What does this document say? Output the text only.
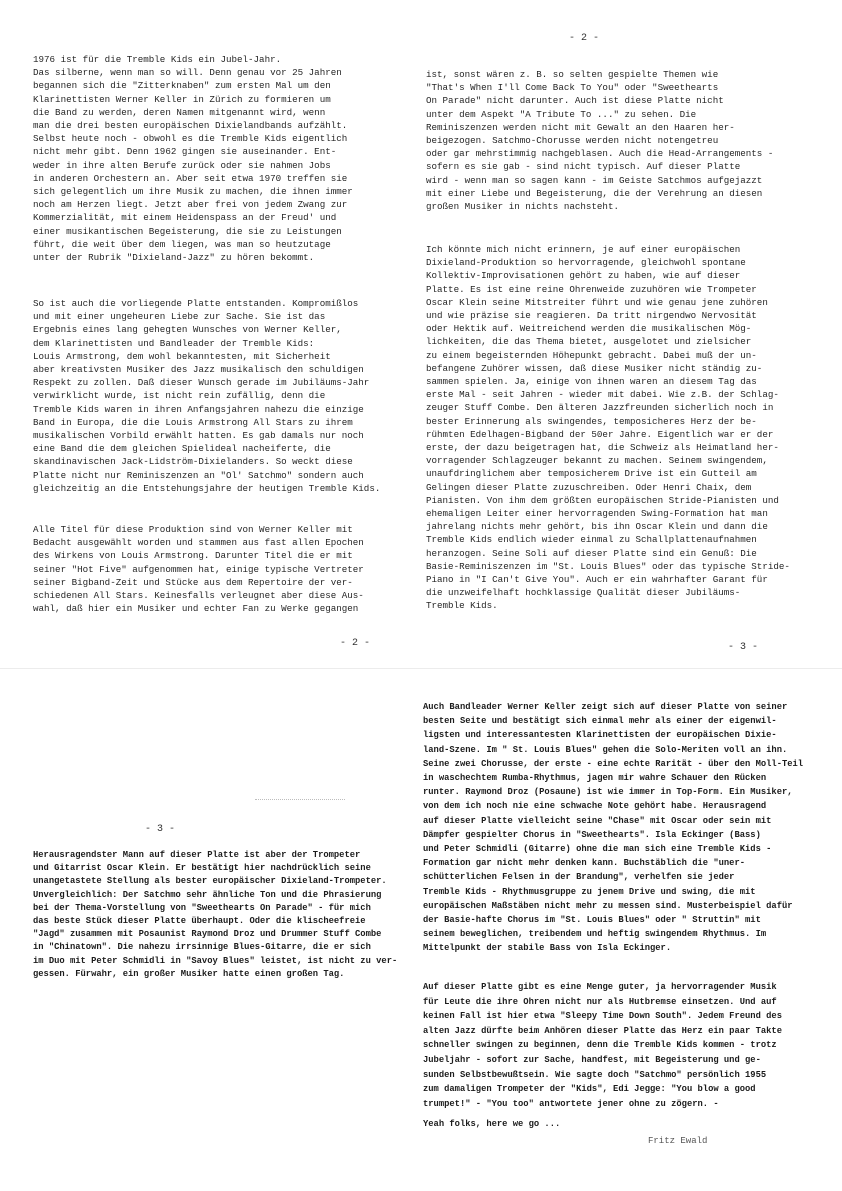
- 2 -

1976 ist für die Tremble Kids ein Jubel-Jahr.
Das silberne, wenn man so will. Denn genau vor 25 Jahren
begannen sich die "Zitterknaben" zum ersten Mal um den
Klarinettisten Werner Keller in Zürich zu formieren um
die Band zu werden, deren Namen mitgenannt wird, wenn
man die drei besten europäischen Dixielandbands aufzählt.
Selbst heute noch - obwohl es die Tremble Kids eigentlich
nicht mehr gibt. Denn 1962 gingen sie auseinander. Ent-
weder in ihre alten Berufe zurück oder sie nahmen Jobs
in anderen Orchestern an. Aber seit etwa 1970 treffen sie
sich gelegentlich um ihre Musik zu machen, die ihnen immer
noch am Herzen liegt. Jetzt aber frei von jedem Zwang zur
Kommerzialität, mit einem Heidenspass an der Freud' und
einer musikantischen Begeisterung, die sie zu Leistungen
führt, die weit über dem liegen, was man so heutzutage
unter der Rubrik "Dixieland-Jazz" zu hören bekommt.

So ist auch die vorliegende Platte entstanden. Kompromißlos
und mit einer ungeheuren Liebe zur Sache. Sie ist das
Ergebnis eines lang gehegten Wunsches von Werner Keller,
dem Klarinettisten und Bandleader der Tremble Kids:
Louis Armstrong, dem wohl bekanntesten, mit Sicherheit
aber kreativsten Musiker des Jazz musikalisch den schuldigen
Respekt zu zollen. Daß dieser Wunsch gerade im Jubiläums-Jahr
verwirklicht wurde, ist nicht rein zufällig, denn die
Tremble Kids waren in ihren Anfangsjahren nahezu die einzige
Band in Europa, die die Louis Armstrong All Stars zu ihrem
musikalischen Vorbild erwählt hatten. Es gab damals nur noch
eine Band die dem gleichen Spielideal nacheiferte, die
skandinavischen Jack-Lidström-Dixielanders. So weckt diese
Platte nicht nur Reminiszenzen an "Ol' Satchmo" sondern auch
gleichzeitig an die Entstehungsjahre der heutigen Tremble Kids.

Alle Titel für diese Produktion sind von Werner Keller mit
Bedacht ausgewählt worden und stammen aus fast allen Epochen
des Wirkens von Louis Armstrong. Darunter Titel die er mit
seiner "Hot Five" aufgenommen hat, einige typische Vertreter
seiner Bigband-Zeit und Stücke aus dem Repertoire der ver-
schiedenen All Stars. Keinesfalls verleugnet aber diese Aus-
wahl, daß hier ein Musiker und echter Fan zu Werke gegangen

- 2 -

ist, sonst wären z. B. so selten gespielte Themen wie
"That's When I'll Come Back To You" oder "Sweethearts
On Parade" nicht darunter. Auch ist diese Platte nicht
unter dem Aspekt "A Tribute To ..." zu sehen. Die
Reminiszenzen werden nicht mit Gewalt an den Haaren her-
beigezogen. Satchmo-Chorusse werden nicht notengetreu
oder gar mehrstimmig nachgeblasen. Auch die Head-Arrangements -
sofern es sie gab - sind nicht typisch. Auf dieser Platte
wird - wenn man so sagen kann - im Geiste Satchmos aufgejazzt
mit einer Liebe und Begeisterung, die der Verehrung an diesen
großen Musiker in nichts nachsteht.

Ich könnte mich nicht erinnern, je auf einer europäischen
Dixieland-Produktion so hervorragende, gleichwohl spontane
Kollektiv-Improvisationen gehört zu haben, wie auf dieser
Platte. Es ist eine reine Ohrenweide zuzuhören wie Trompeter
Oscar Klein seine Mitstreiter führt und wie genau jene zuhören
und wie präzise sie reagieren. Da tritt nirgendwo Nervosität
oder Hektik auf. Weitreichend werden die musikalischen Mög-
lichkeiten, die das Thema bietet, ausgelotet und zielsicher
zu einem begeisternden Höhepunkt gebracht. Dabei muß der un-
befangene Zuhörer wissen, daß diese Musiker nicht ständig zu-
sammen spielen. Ja, einige von ihnen waren an diesem Tag das
erste Mal - seit Jahren - wieder mit dabei. Wie z.B. der Schlag-
zeuger Stuff Combe. Den älteren Jazzfreunden sicherlich noch in
bester Erinnerung als swingendes, temposicheres Herz der be-
rühmten Edelhagen-Bigband der 50er Jahre. Eigentlich war er der
erste, der dazu beigetragen hat, die Schweiz als Heimatland her-
vorragender Schlagzeuger bekannt zu machen. Seinem swingendem,
unaufdringlichem aber temposicherem Drive ist ein Gutteil am
Gelingen dieser Platte zuzuschreiben. Oder Henri Chaix, dem
Pianisten. Von ihm dem größten europäischen Stride-Pianisten und
ehemaligen Leiter einer hervorragenden Swing-Formation hat man
jahrelang nichts mehr gehört, bis ihn Oscar Klein und dann die
Tremble Kids endlich wieder einmal zu Schallplattenaufnahmen
heranzogen. Seine Soli auf dieser Platte sind ein Genuß: Die
Basie-Reminiszenzen im "St. Louis Blues" oder das typische Stride-
Piano in "I Can't Give You". Auch er ein wahrhafter Garant für
die unzweifelhaft hochklassige Qualität dieser Jubiläums-
Tremble Kids.

- 3 -
- 3 -

Herausragendster Mann auf dieser Platte ist aber der Trompeter
und Gitarrist Oscar Klein. Er bestätigt hier nachdrücklich seine
unangetastete Stellung als bester europäischer Dixieland-Trompeter.
Unvergleichlich: Der Satchmo sehr ähnliche Ton und die Phrasierung
bei der Thema-Vorstellung von "Sweethearts On Parade" - für mich
das beste Stück dieser Platte überhaupt. Oder die klischeefreie
"Jagd" zusammen mit Posaunist Raymond Droz und Drummer Stuff Combe
in "Chinatown". Die nahezu irrsinnige Blues-Gitarre, die er sich
im Duo mit Peter Schmidli in "Savoy Blues" leistet, ist nicht zu ver-
gessen. Fürwahr, ein großer Musiker hatte einen großen Tag.

Auch Bandleader Werner Keller zeigt sich auf dieser Platte von seiner
besten Seite und bestätigt sich einmal mehr als einer der eigenwil-
ligsten und interessantesten Klarinettisten der europäischen Dixie-
land-Szene. Im " St. Louis Blues" gehen die Solo-Meriten voll an ihn.
Seine zwei Chorusse, der erste - eine echte Rarität - über den Moll-Teil
in waschechtem Rumba-Rhythmus, jagen mir wahre Schauer den Rücken
runter. Raymond Droz (Posaune) ist wie immer in Top-Form. Ein Musiker,
von dem ich noch nie eine schwache Note gehört habe. Herausragend
auf dieser Platte vielleicht seine "Chase" mit Oscar oder sein mit
Dämpfer gespielter Chorus in "Sweethearts". Isla Eckinger (Bass)
und Peter Schmidli (Gitarre) ohne die man sich eine Tremble Kids -
Formation gar nicht mehr denken kann. Buchstäblich die "uner-
schütterlichen Felsen in der Brandung", verhelfen sie jeder
Tremble Kids - Rhythmusgruppe zu jenem Drive und swing, die mit
europäischen Maßstäben nicht mehr zu messen sind. Musterbeispiel dafür
der Basie-hafte Chorus im "St. Louis Blues" oder " Struttin" mit
seinem beweglichen, treibendem und heftig swingendem Rhythmus. Im
Mittelpunkt der stabile Bass von Isla Eckinger.

Auf dieser Platte gibt es eine Menge guter, ja hervorragender Musik
für Leute die ihre Ohren nicht nur als Hutbremse einsetzen. Und auf
keinen Fall ist hier etwa "Sleepy Time Down South". Jedem Freund des
alten Jazz dürfte beim Anhören dieser Platte das Herz ein paar Takte
schneller swingen zu beginnen, denn die Tremble Kids kommen - trotz
Jubeljahr - sofort zur Sache, handfest, mit Begeisterung und ge-
sunden Selbstbewußtsein. Wie sagte doch "Satchmo" persönlich 1955
zum damaligen Trompeter der "Kids", Edi Jegge: "You blow a good
trumpet!" - "You too" antwortete jener ohne zu zögern. -

Yeah folks, here we go ...

Fritz Ewald
